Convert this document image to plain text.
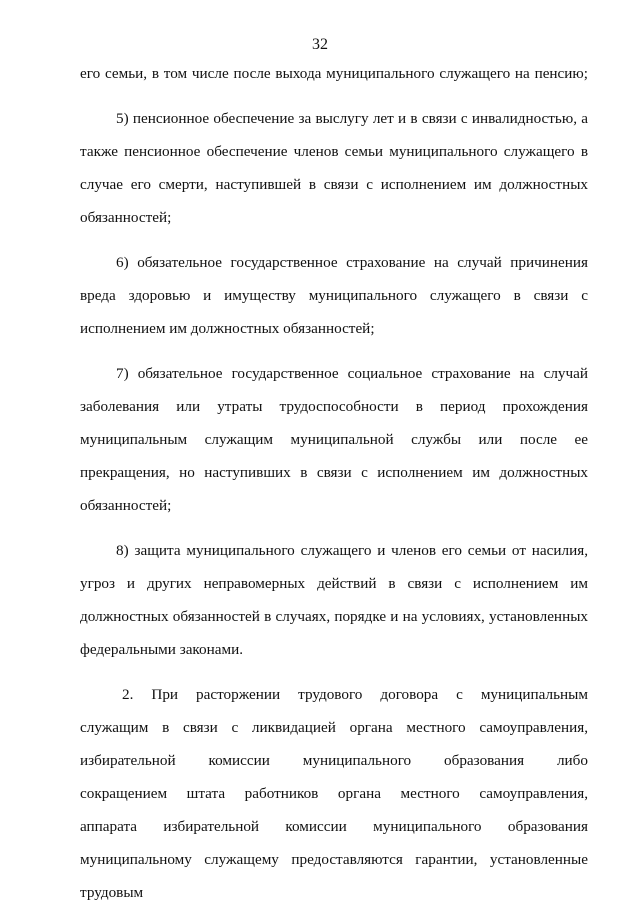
32

его семьи, в том числе после выхода муниципального служащего на пенсию;

5) пенсионное обеспечение за выслугу лет и в связи с инвалидностью, а также пенсионное обеспечение членов семьи муниципального служащего в случае его смерти, наступившей в связи с исполнением им должностных обязанностей;

6) обязательное государственное страхование на случай причинения вреда здоровью и имуществу муниципального служащего в связи с исполнением им должностных обязанностей;

7) обязательное государственное социальное страхование на случай заболевания или утраты трудоспособности в период прохождения муниципальным служащим муниципальной службы или после ее прекращения, но наступивших в связи с исполнением им должностных обязанностей;

8) защита муниципального служащего и членов его семьи от насилия, угроз и других неправомерных действий в связи с исполнением им должностных обязанностей в случаях, порядке и на условиях, установленных федеральными законами.

2. При расторжении трудового договора с муниципальным служащим в связи с ликвидацией органа местного самоуправления, избирательной комиссии муниципального образования либо сокращением штата работников органа местного самоуправления, аппарата избирательной комиссии муниципального образования муниципальному служащему предоставляются гарантии, установленные трудовым
